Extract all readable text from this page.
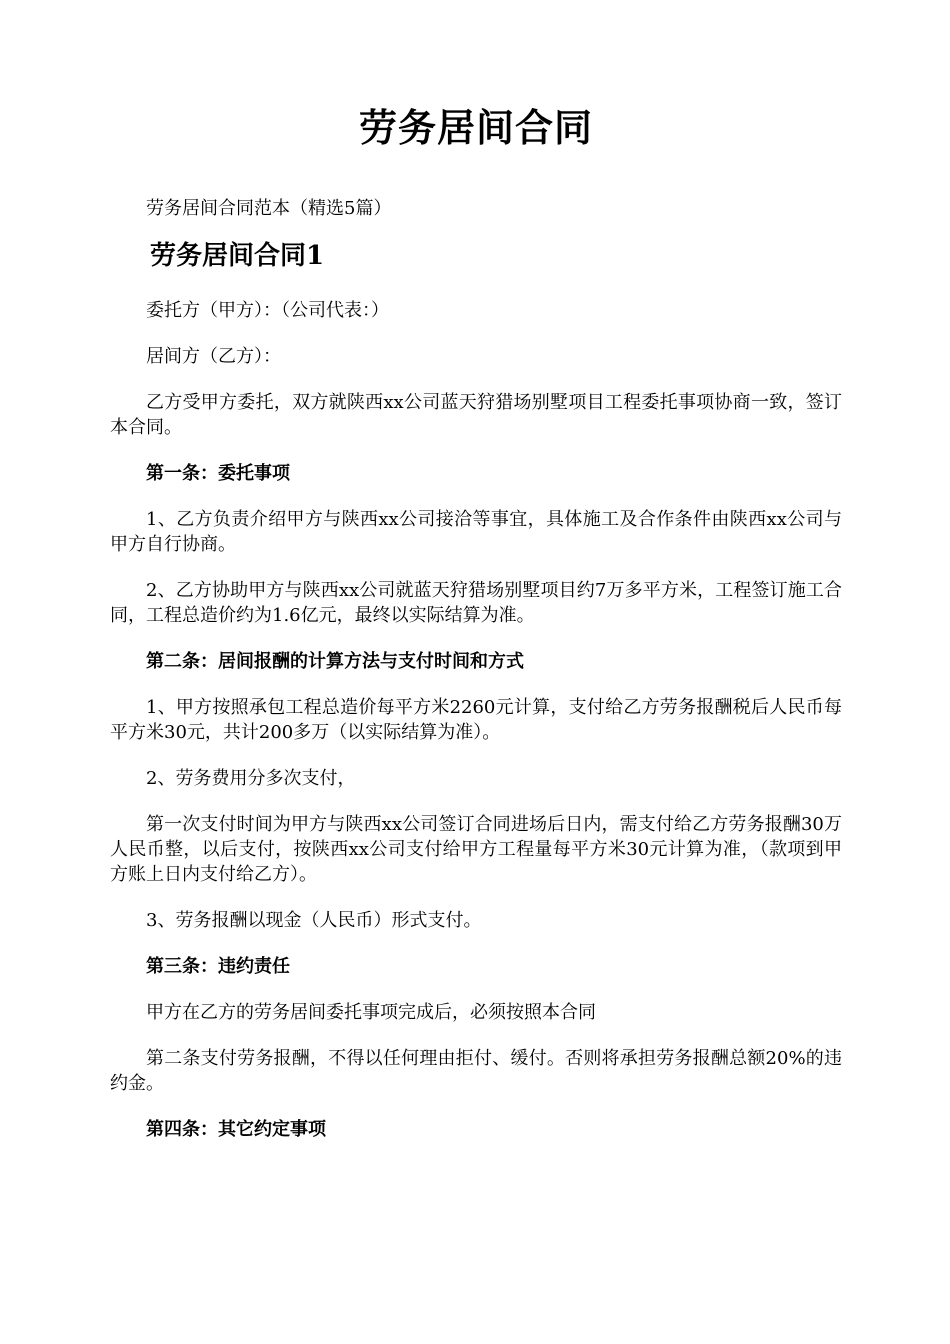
劳务居间合同

劳务居间合同范本（精选5篇）

劳务居间合同1

委托方（甲方）：（公司代表：）

居间方（乙方）：

乙方受甲方委托，双方就陕西xx公司蓝天狩猎场别墅项目工程委托事项协商一致，签订本合同。

第一条：委托事项

1、乙方负责介绍甲方与陕西xx公司接洽等事宜，具体施工及合作条件由陕西xx公司与甲方自行协商。

2、乙方协助甲方与陕西xx公司就蓝天狩猎场别墅项目约7万多平方米，工程签订施工合同，工程总造价约为1.6亿元，最终以实际结算为准。

第二条：居间报酬的计算方法与支付时间和方式

1、甲方按照承包工程总造价每平方米2260元计算，支付给乙方劳务报酬税后人民币每平方米30元，共计200多万（以实际结算为准）。

2、劳务费用分多次支付，

第一次支付时间为甲方与陕西xx公司签订合同进场后日内，需支付给乙方劳务报酬30万人民币整，以后支付，按陕西xx公司支付给甲方工程量每平方米30元计算为准，（款项到甲方账上日内支付给乙方）。

3、劳务报酬以现金（人民币）形式支付。

第三条：违约责任

甲方在乙方的劳务居间委托事项完成后，必须按照本合同

第二条支付劳务报酬，不得以任何理由拒付、缓付。否则将承担劳务报酬总额20%的违约金。

第四条：其它约定事项
